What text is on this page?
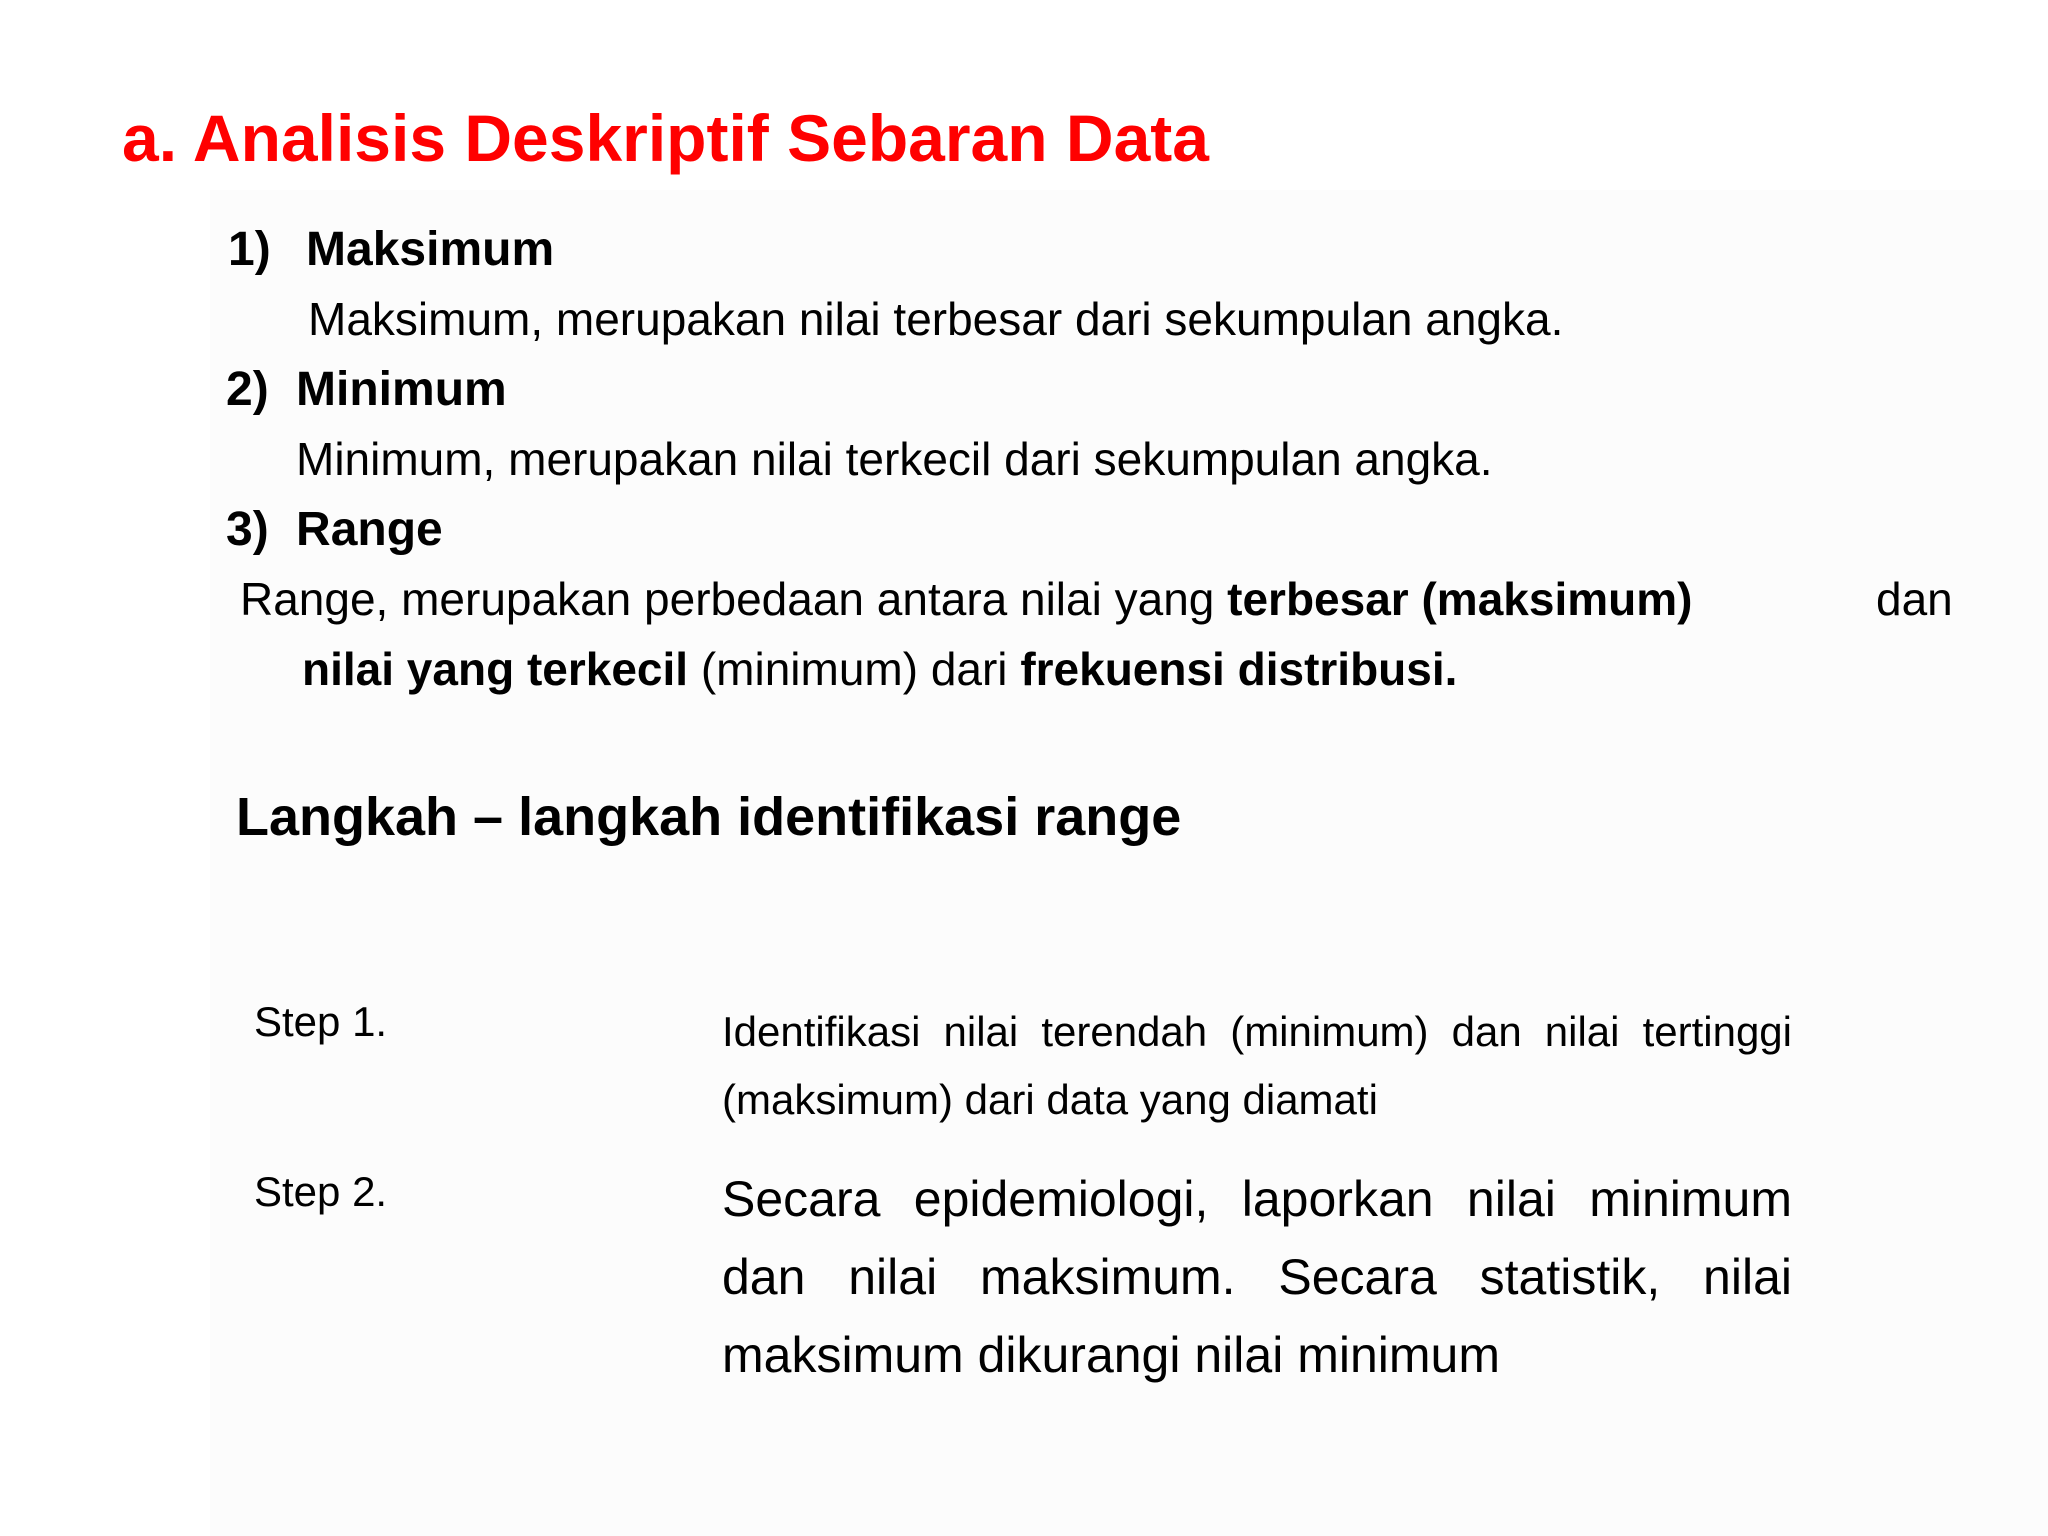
a. Analisis Deskriptif Sebaran Data
1) Maksimum

Maksimum, merupakan nilai terbesar dari sekumpulan angka.

2) Minimum

Minimum, merupakan nilai terkecil dari sekumpulan angka.

3) Range

Range, merupakan perbedaan antara nilai yang terbesar (maksimum)	dan

nilai yang terkecil (minimum) dari frekuensi distribusi.

Langkah – langkah identifikasi range
Step 1.	Identifikasi nilai terendah (minimum) dan nilai tertinggi (maksimum) dari data yang diamati
Step 2.	Secara epidemiologi, laporkan nilai minimum dan nilai maksimum. Secara statistik, nilai maksimum dikurangi nilai minimum
